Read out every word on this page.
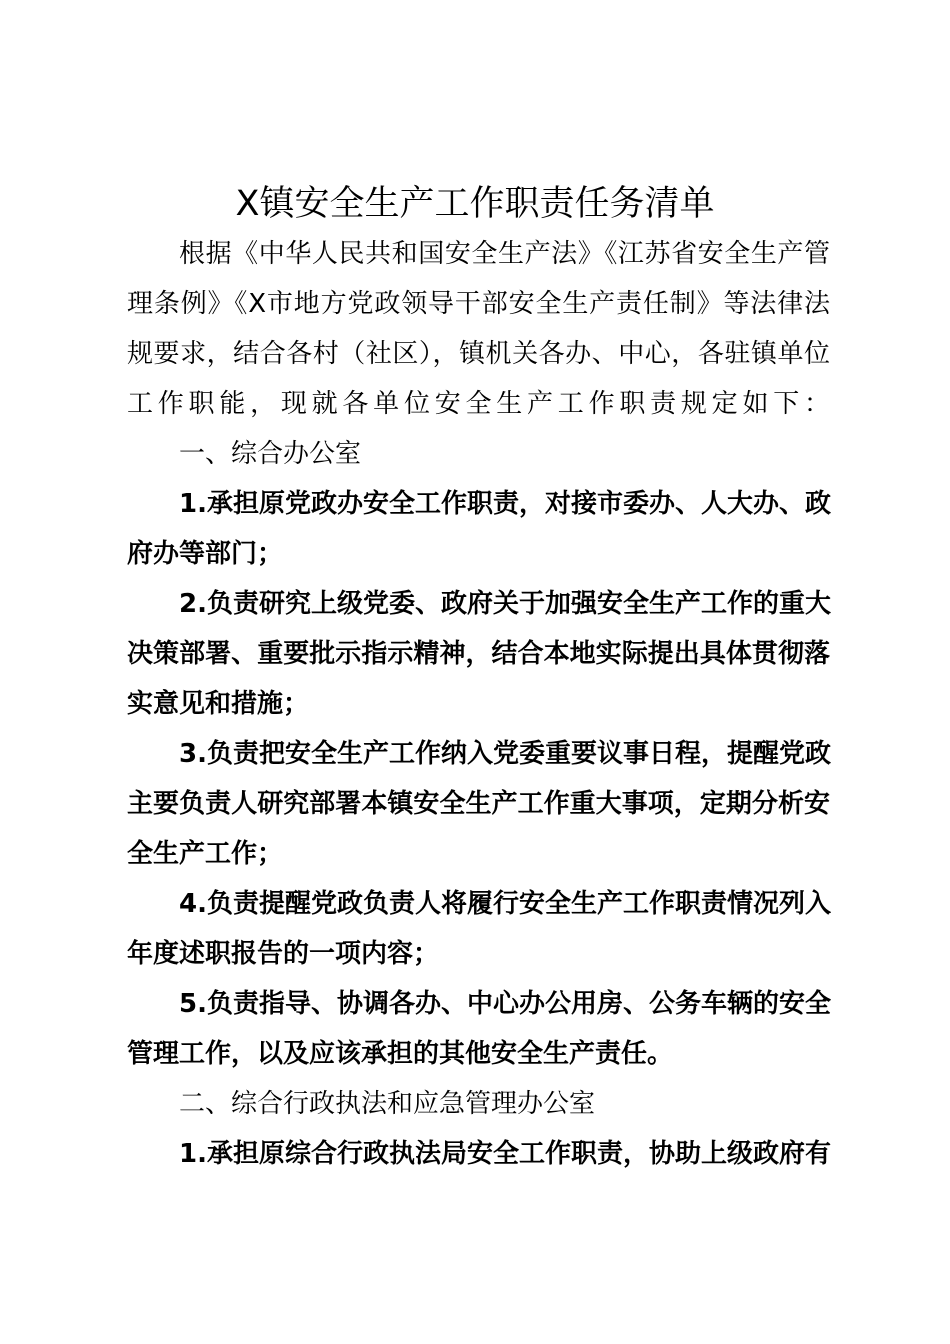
X镇安全生产工作职责任务清单

根据《中华人民共和国安全生产法》《江苏省安全生产管

理条例》《X市地方党政领导干部安全生产责任制》等法律法

规要求，结合各村（社区），镇机关各办、中心，各驻镇单位

工作职能，现就各单位安全生产工作职责规定如下：

一、综合办公室

1.承担原党政办安全工作职责，对接市委办、人大办、政

府办等部门；

2.负责研究上级党委、政府关于加强安全生产工作的重大

决策部署、重要批示指示精神，结合本地实际提出具体贯彻落

实意见和措施；

3.负责把安全生产工作纳入党委重要议事日程，提醒党政

主要负责人研究部署本镇安全生产工作重大事项，定期分析安

全生产工作；

4.负责提醒党政负责人将履行安全生产工作职责情况列入

年度述职报告的一项内容；

5.负责指导、协调各办、中心办公用房、公务车辆的安全

管理工作，以及应该承担的其他安全生产责任。

二、综合行政执法和应急管理办公室

1.承担原综合行政执法局安全工作职责，协助上级政府有
